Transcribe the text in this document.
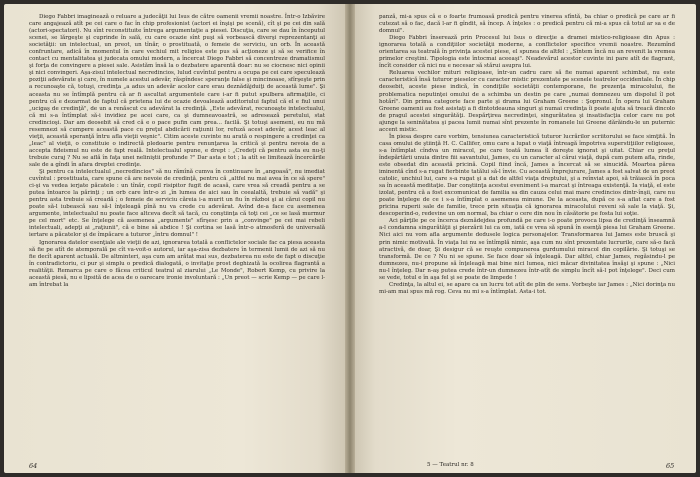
Diego Fabbri imaginează o reluare a judecăţii lui Isus de către oamenii vremii noastre. Într-o Izbăvire care angajează atît pe cei care o fac în chip profesionist (actori ei înşişi pe scenă), cît şi pe cei din sală (actori-spectatori). Nu sînt reconstituite întrega argumentaţie a piesei. Discuţia, care se dau în începutul scenei, se lărgeşte şi cuprinde în sală, cu care ocazie sînt puşi să vorbească diverşi reprezentanţi ai societăţii: un intelectual, un preot, un tînăr, o prostituată, o femeie de serviciu, un orb. În această confruntare, adică în momentul în care vechiul mit religios este pus să acţioneze şi să se verifice în contact cu mentalitatea şi judecata omului modern, a încercat Diego Fabbri să concentreze dramatismul şi forţa de convingere a piesei sale. Asistăm însă la o dezbatere aparentă doar: nu se ciocnesc nici opinii şi nici convingeri. Aşa-zisul intelectual necredincios, lulud cuvîntul pentru a ocupa pe cei care speculează poziţii adevărate şi care, în numele acestui adevăr, răspîndesc speranţe false şi mincinoase, sfîrşeşte prin a recunoaşte că, totuşi, credinţa „a adus un adevăr acelor care erau deznădăjduiţi de această lume". Şi aceasta nu se întîmplă pentru că ar fi ascultat argumentele care i-ar fi putut spulbera afirmaţiile, ci pentru că e dezarmat de faptul că prietena lui de ocazie devoalează auditoriului faptul că el e fiul unui „ucigaş de credinţă", de un a renăscut cu adevărat la credinţă. „Este adevărat, recunoaşte intelectualul, că mi s-a întîmplat să-i invidiez pe acei care, ca şi dumneavoastră, se adresează peretului, stat credincioşi. Dar am deosebit să cred că e o pace pufin cam prea... facilă. Şi totuşi asemeni, eu nu mă resemnezi să cumpere această pace cu preţul abdicării raţiunii lor, refuză acest adevăr, acest leac al vieţii, această speranţă întru afla vieţii veşnic". Citim aceste cuvinte nu arată o respingere a credinţei ca „leac" al vieţii, o constituie o indirectă pledoarie pentru renunţarea la critică şi pentru nevoia de a accepta fideismul nu este de fapt reală. Intelectualul spune, e drept : „Credeţi că pentru asta eu nu-ţi trebuie curaj ? Nu se află în faţa unei neliniştii profunde ?" Dar asta e tot ; la atît se limitează încercările sale de a gîndi în afara dreptei credinţe.

Şi pentru ca intelectualul „necredincios" să nu rămînă cumva în continuare în „angoasă", nu imediat cuvîntul : prostituata, care spune că are nevoie de credinţă, pentru că „altfel nu mai avea în ce să spere" ci-şi va vedea ierjate păcatele : un tînăr, copil risipitor fugit de acasă, care vrea să creadă pentru a se putea întoarce la părinţi ; un orb care într-o zi „în lumea de aici sau în ceealaltă, trebuie să vadă" şi pentru asta trebuie să creadă ; o femeie de serviciu căreia i-a murit un fiu în război şi ai cărui copil nu poate să-l iubească sau să-l înţeleagă pînă nu va crede cu adevărat. Avînd de-a face cu asemenea argumente, intelectualul nu poate face altceva decît să tacă, cu conştiinţa că toţi cei „ce se lasă murmur pe cel mort" etc. Se înţelege că asemenea „argumente" sfîrşesc prin a „convinge" pe cei mai rebeli intelectuali, adepţi ai „raţiunii", că e bine să abdice ! Şi cortina se lasă într-o atmosferă de universală iertare a păcatelor şi de împăcare a tuturor „întru domnul" !

Ignorarea datelor esenţiale ale vieţii de azi, ignorarea totală a conflictelor sociale fac ca piesa aceasta să fie pe atît de atemporală pe cît va-voit-o autorul, iar aşa-zisa dezbatere în termenii lumii de azi să nu fie decît aparent actuală. De altminteri, aşa cum am arătat mai sus, dezbaterea nu este de fapt o discuţie în contradictoriu, ci pur şi simplu o predică dialogată, o invitaţie prost deghizată la ocolirea flagrantă a realităţii. Remarca pe care o făcea criticul teatral al ziarului „Le Monde", Robert Kemp, cu privire la această piesă, nu e lipsită de acea de o oarecare ironie involuntară : „Un preot — scrie Kemp — pe care l-am întrebat la

64

panză, mi-a spus că e o foarte frumoasă predică pentru vinerea sfîntă, ba chiar o predică pe care ar fi cutezat să o fac, dacă l-ar fi gîndit, să încep. A înţeles : o predică pentru că mi-a spus că totul ar sa e de domnul".

Diego Fabbri înserează prin Procesul lui Isus o direcţie a dramei mistico-religioase din Apus : ignorarea totală a condiţiilor societăţii moderne, a conflictelor specifice vremii noastre. Rezumînd orientarea sa teatrală în privinţa acestei piese, el spunea de altfel : „Sîntem încă nu an revenit la vremea primelor creştini. Tipologia este întocmai aceeaşi". Neadevărul acestor cuvinte ini pare atît de flagrant, încît consider că nici nu e necesar să stărui asupra lui.

Reluarea vechilor mituri religioase, într-un cadru care să fie numai aparent schimbat, nu este caracteristică însă tuturor pieselor cu caracter mistic prezentate pe scenele teatrelor occidentale. În chip deosebit, aceste piese indică, în condiţiile societăţii contemporane, fie prezenţa miracolului, fie problematica neputinţei omului de a schimba un destin pe care „numai domnezeu um dispolul îl pot hotărî". Din prima categorie face parte şi drama lui Graham Greene : Şopronul. În opera lui Graham Greene oamenii au fost asistaţi a fi dintotdeauna singuri şi numai credinţa îi poate ajuta să treacă dincolo de pragul acestei singurătăţi. Despărţirea necredinţei, singurătatea şi insatisfacţia celor care nu pot ajunge la seninătatea şi pacea lumii numai sînt prezente în romanele lui Greene dărăindu-le un puternic accent mistic.

În piesa despre care vorbim, tensiunea caracteristică tuturor lucrărilor scriitorului se face simţită. În casa omului de ştiinţă H. C. Callifer, omu care a lupat o viaţă întreagă împotriva superstiţiilor religioase, s-a întîmplat cîndva un miracol, pe care toată lumea îl doreşte ignorat şi uitat. Chiar cu preţul îndepărtării unuia dintre fiii savantului, James, cu un caracter al cărui viaţă, după cum putem afla, rinde, este obsedat din această pricină. Copil fiind încă, James a încercat să se sinucidă. Moartea părea iminentă cînd s-a rugat fierbinte tatălui să-l învie. Cu această împrejurare, James a fost salvat de un preot catolic, unchiul lui, care s-a rugat şi a dat de altfel viaţa dreptului, şi a reînviat apoi, să trăiască în poca sa în această meditaţie. Dar conştiinţa acestui eveniment i-a marcat şi întreaga existenţă. Ia viaţă, el este izolat, pentru că a fost excomunicat de familia sa din cauza celui mai mare credincios dintr-înşii, care nu poate înţelege de ce i s-a întîmplat o asemenea minune. De la aceasta, după ce s-a aflat care a fost pricina ruperii sale de familie, trece prin situaţia că ignorarea miracolului reveni să sale la viaţă. Şi, descoperind-o, redevine un om normal, ba chiar o cere din nou în căsătorie pe fosta lui soţie.

Aci părţile pe ce încerca deznădejdea profundă pe care i-o poate provoca lipsa de credinţă înseamnă a-l condamna singurătăţii şi pierzării lui ca om, iată ce vrea să spună în esenţă piesa lui Graham Greene. Nici aici nu vom afla argumente dedusele logica personajelor. Transformarea lui James este bruscă şi prin nimic motivată. În viaţa lui nu se întîmplă nimic, aşa cum nu sînt prezentate lucrurile, care să-o facă atractivă, de doar, Şi desigur că se reuşte compunerea gurdumului miracol din copilărie. Şi totuşi se transformă. De ce ? Nu ni se spune. Se face doar să înţeleagă. Dar altfel, chiar James, regăsindu-l pe dumnezeu, nu-i propune să înţeleagă mai bine nici lumea, nici măcar divinitatea însăşi şi spune : „Nici nu-l înţeleg. Dar n-aş putea crede într-un dumnezeu într-atît de simplu încît să-l pot înţelege". Deci cum se vede, totul e în aşa fel şi se poate de limpede !

Credinţa, la altul ei, se apare ca un lucru tot atît de plin de sens. Vorbeşte iar James : „Nici dorinţa nu mi-am mai spus mă rog. Ceva nu mi s-a întîmplat. Asta-i tot.

5 — Teatrul nr. 8	65
